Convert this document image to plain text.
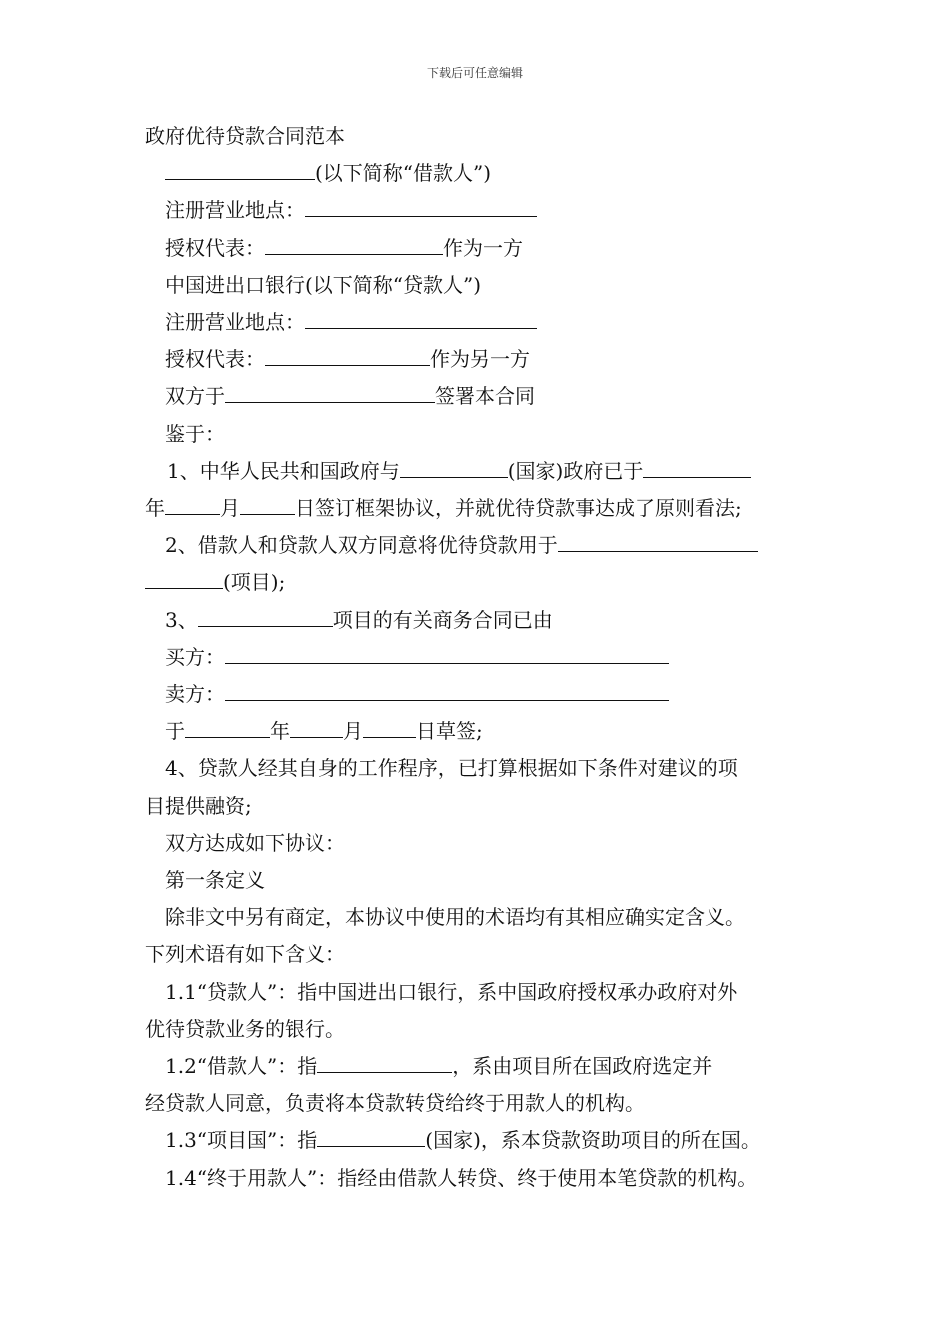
下载后可任意编辑
政府优待贷款合同范本
(以下简称“借款人”)
注册营业地点：
授权代表：	作为一方
中国进出口银行(以下简称“贷款人”)
注册营业地点：
授权代表：	作为另一方
双方于	签署本合同
鉴于：
1、中华人民共和国政府与	(国家)政府已于
年	月	日签订框架协议，并就优待贷款事达成了原则看法;
2、借款人和贷款人双方同意将优待贷款用于
(项目);
3、	项目的有关商务合同已由
买方：
卖方：
于	年	月	日草签;
4、贷款人经其自身的工作程序，已打算根据如下条件对建议的项
目提供融资;
双方达成如下协议：
第一条定义
除非文中另有商定，本协议中使用的术语均有其相应确实定含义。
下列术语有如下含义：
1.1“贷款人”：指中国进出口银行，系中国政府授权承办政府对外
优待贷款业务的银行。
1.2“借款人”：指	，系由项目所在国政府选定并
经贷款人同意，负责将本贷款转贷给终于用款人的机构。
1.3“项目国”：指	(国家)，系本贷款资助项目的所在国。
1.4“终于用款人”：指经由借款人转贷、终于使用本笔贷款的机构。
